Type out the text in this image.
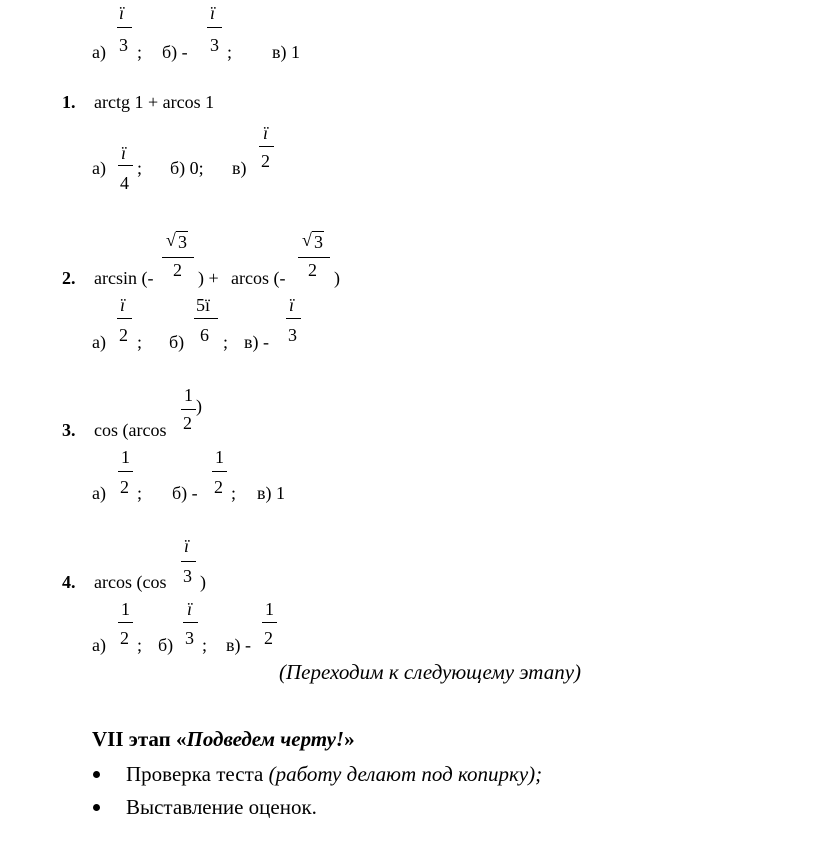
а)
ї
3 ; б) -
ї
3 ; в) 1
1. arctg 1 + arcos 1
а)
ї
4
; б) 0; в)
ї
2
2. arcsin (-
√ 3
2 ) + arcos (-
√ 3
2 )
а)
ї
2 ; б)
5ї
6 ; в) -
ї
3
3. cos (arcos
1
2
)
а)
1
2 ; б) -
1
2 ; в) 1
4. arcos (cos
ї
3 )
а)
1
2 ; б)
ї
3 ; в) -
1
2
(Переходим к следующему этапу)
VII этап «Подведем черту!»
Проверка теста (работу делают под копирку);
Выставление оценок.
